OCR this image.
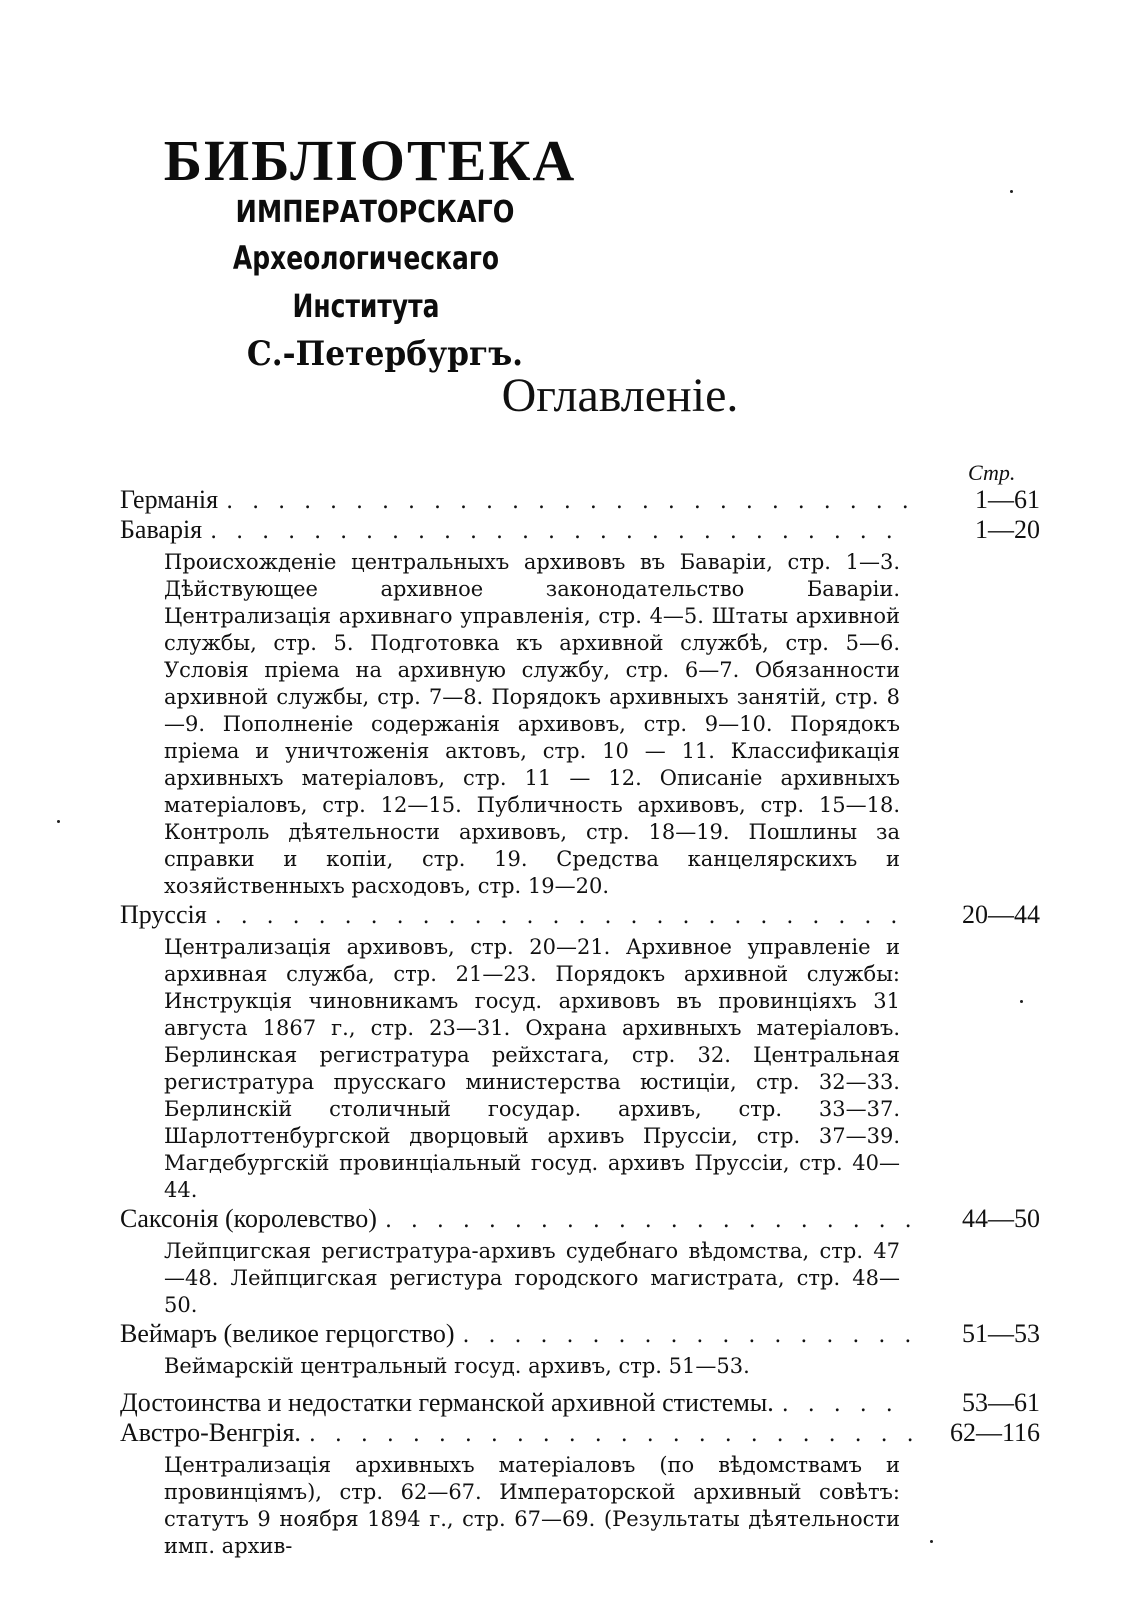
БИБЛІОТЕКА
ИМПЕРАТОРСКАГО
Археологическаго Института
С.-Петербургъ.
Оглавленіе.
Стр.
Германія . . .	1—61
Баварія . . .	1—20
Происхожденіе центральныхъ архивовъ въ Баваріи, стр. 1—3. Дѣйствующее архивное законодательство Баваріи. Централизація архивнаго управленія, стр. 4—5. Штаты архивной службы, стр. 5. Подготовка къ архивной службѣ, стр. 5—6. Условія пріема на архивную службу, стр. 6—7. Обязанности архивной службы, стр. 7—8. Порядокъ архивныхъ занятій, стр. 8—9. Пополненіе содержанія архивовъ, стр. 9—10. Порядокъ пріема и уничтоженія актовъ, стр. 10 — 11. Классификація архивныхъ матеріаловъ, стр. 11 — 12. Описаніе архивныхъ матеріаловъ, стр. 12—15. Публичность архивовъ, стр. 15—18. Контроль дѣятельности архивовъ, стр. 18—19. Пошлины за справки и копіи, стр. 19. Средства канцелярскихъ и хозяйственныхъ расходовъ, стр. 19—20.
Пруссія . . .	20—44
Централизація архивовъ, стр. 20—21. Архивное управленіе и архивная служба, стр. 21—23. Порядокъ архивной службы: Инструкція чиновникамъ госуд. архивовъ въ провинціяхъ 31 августа 1867 г., стр. 23—31. Охрана архивныхъ матеріаловъ. Берлинская регистратура рейхстага, стр. 32. Центральная регистратура прусскаго министерства юстиціи, стр. 32—33. Берлинскій столичный государ. архивъ, стр. 33—37. Шарлоттенбургской дворцовый архивъ Пруссіи, стр. 37—39. Магдебургскій провинціальный госуд. архивъ Пруссіи, стр. 40—44.
Саксонія (королевство) . . .	44—50
Лейпцигская регистратура-архивъ судебнаго вѣдомства, стр. 47—48. Лейпцигская регистура городского магистрата, стр. 48—50.
Веймаръ (великое герцогство) . . .	51—53
Веймарскій центральный госуд. архивъ, стр. 51—53.
Достоинства и недостатки германской архивной стистемы. . . .	53—61
Австро-Венгрія. . . .	62—116
Централизація архивныхъ матеріаловъ (по вѣдомствамъ и провинціямъ), стр. 62—67. Императорской архивный совѣтъ: статутъ 9 ноября 1894 г., стр. 67—69. (Результаты дѣятельности имп. архив-
